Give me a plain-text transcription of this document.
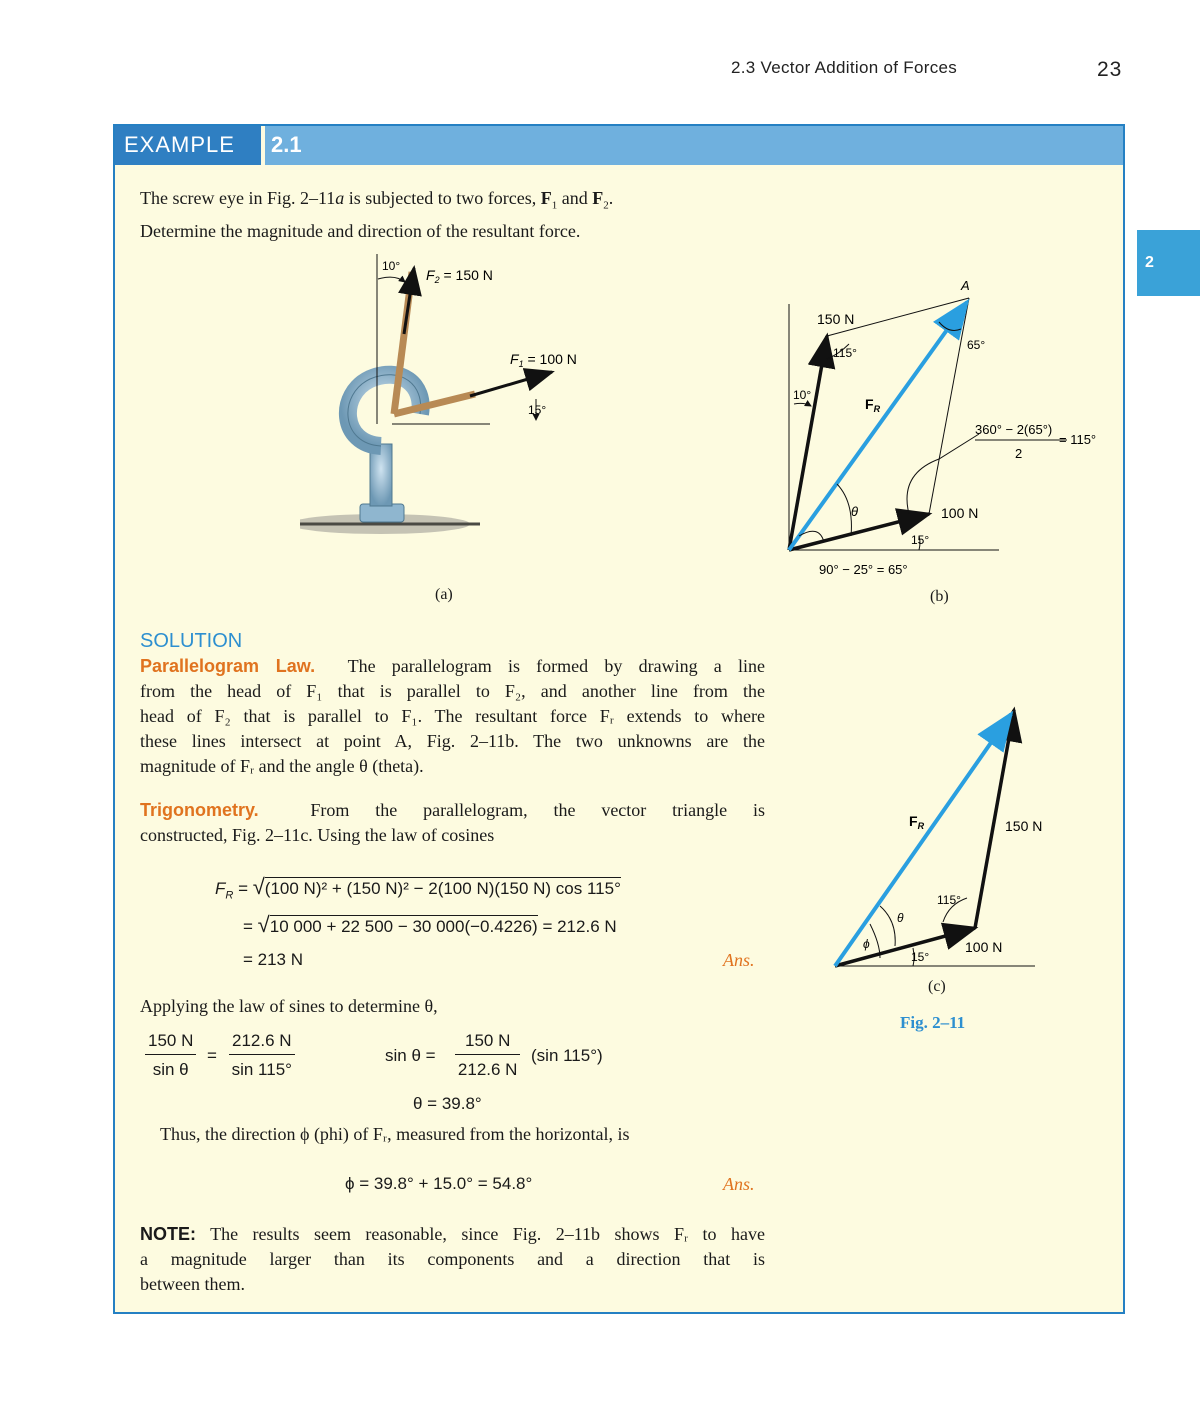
2.3 Vector Addition of Forces	23
2
EXAMPLE	2.1
The screw eye in Fig. 2–11a is subjected to two forces, $F_1$ and $F_2$.
Determine the magnitude and direction of the resultant force.
10°
$F_2 = 150$ N
$F_1 = 100$ N
15°
(a)
A
150 N
115°
10°
65°
$F_R$
θ	100 N
15°
360° − 2(65°)
2
= 115°
90° − 25° = 65°
(b)
$F_R$	150 N
115°
θ
ϕ	100 N
15°
(c)
Fig. 2–11
SOLUTION
Parallelogram Law. The parallelogram is formed by drawing a line
from the head of F₁ that is parallel to F₂, and another line from the
head of F₂ that is parallel to F₁. The resultant force Fᵣ extends to where
these lines intersect at point A, Fig. 2–11b. The two unknowns are the
magnitude of Fᵣ and the angle θ (theta).
Trigonometry.	From the parallelogram, the vector triangle is
constructed, Fig. 2–11c. Using the law of cosines
$F_R = √(100$ N)² + (150 N)² − 2(100 N)(150 N) cos 115°
= √10 000 + 22 500 − 30 000(−0.4226) = 212.6 N
= 213 N	Ans.
Applying the law of sines to determine θ,
$\frac{150 N}{\text{sin θ}} = \frac{212.6 N}{\sin 115^\circ}$	$\sin \theta = \frac{150 N}{212.6 N} (\sin$ 115°)
θ = 39.8°
Thus, the direction ϕ (phi) of Fᵣ, measured from the horizontal, is
ϕ = 39.8° + 15.0° = 54.8°	Ans.
NOTE: The results seem reasonable, since Fig. 2–11b shows Fᵣ to have
a magnitude larger than its components and a direction that is
between them.
